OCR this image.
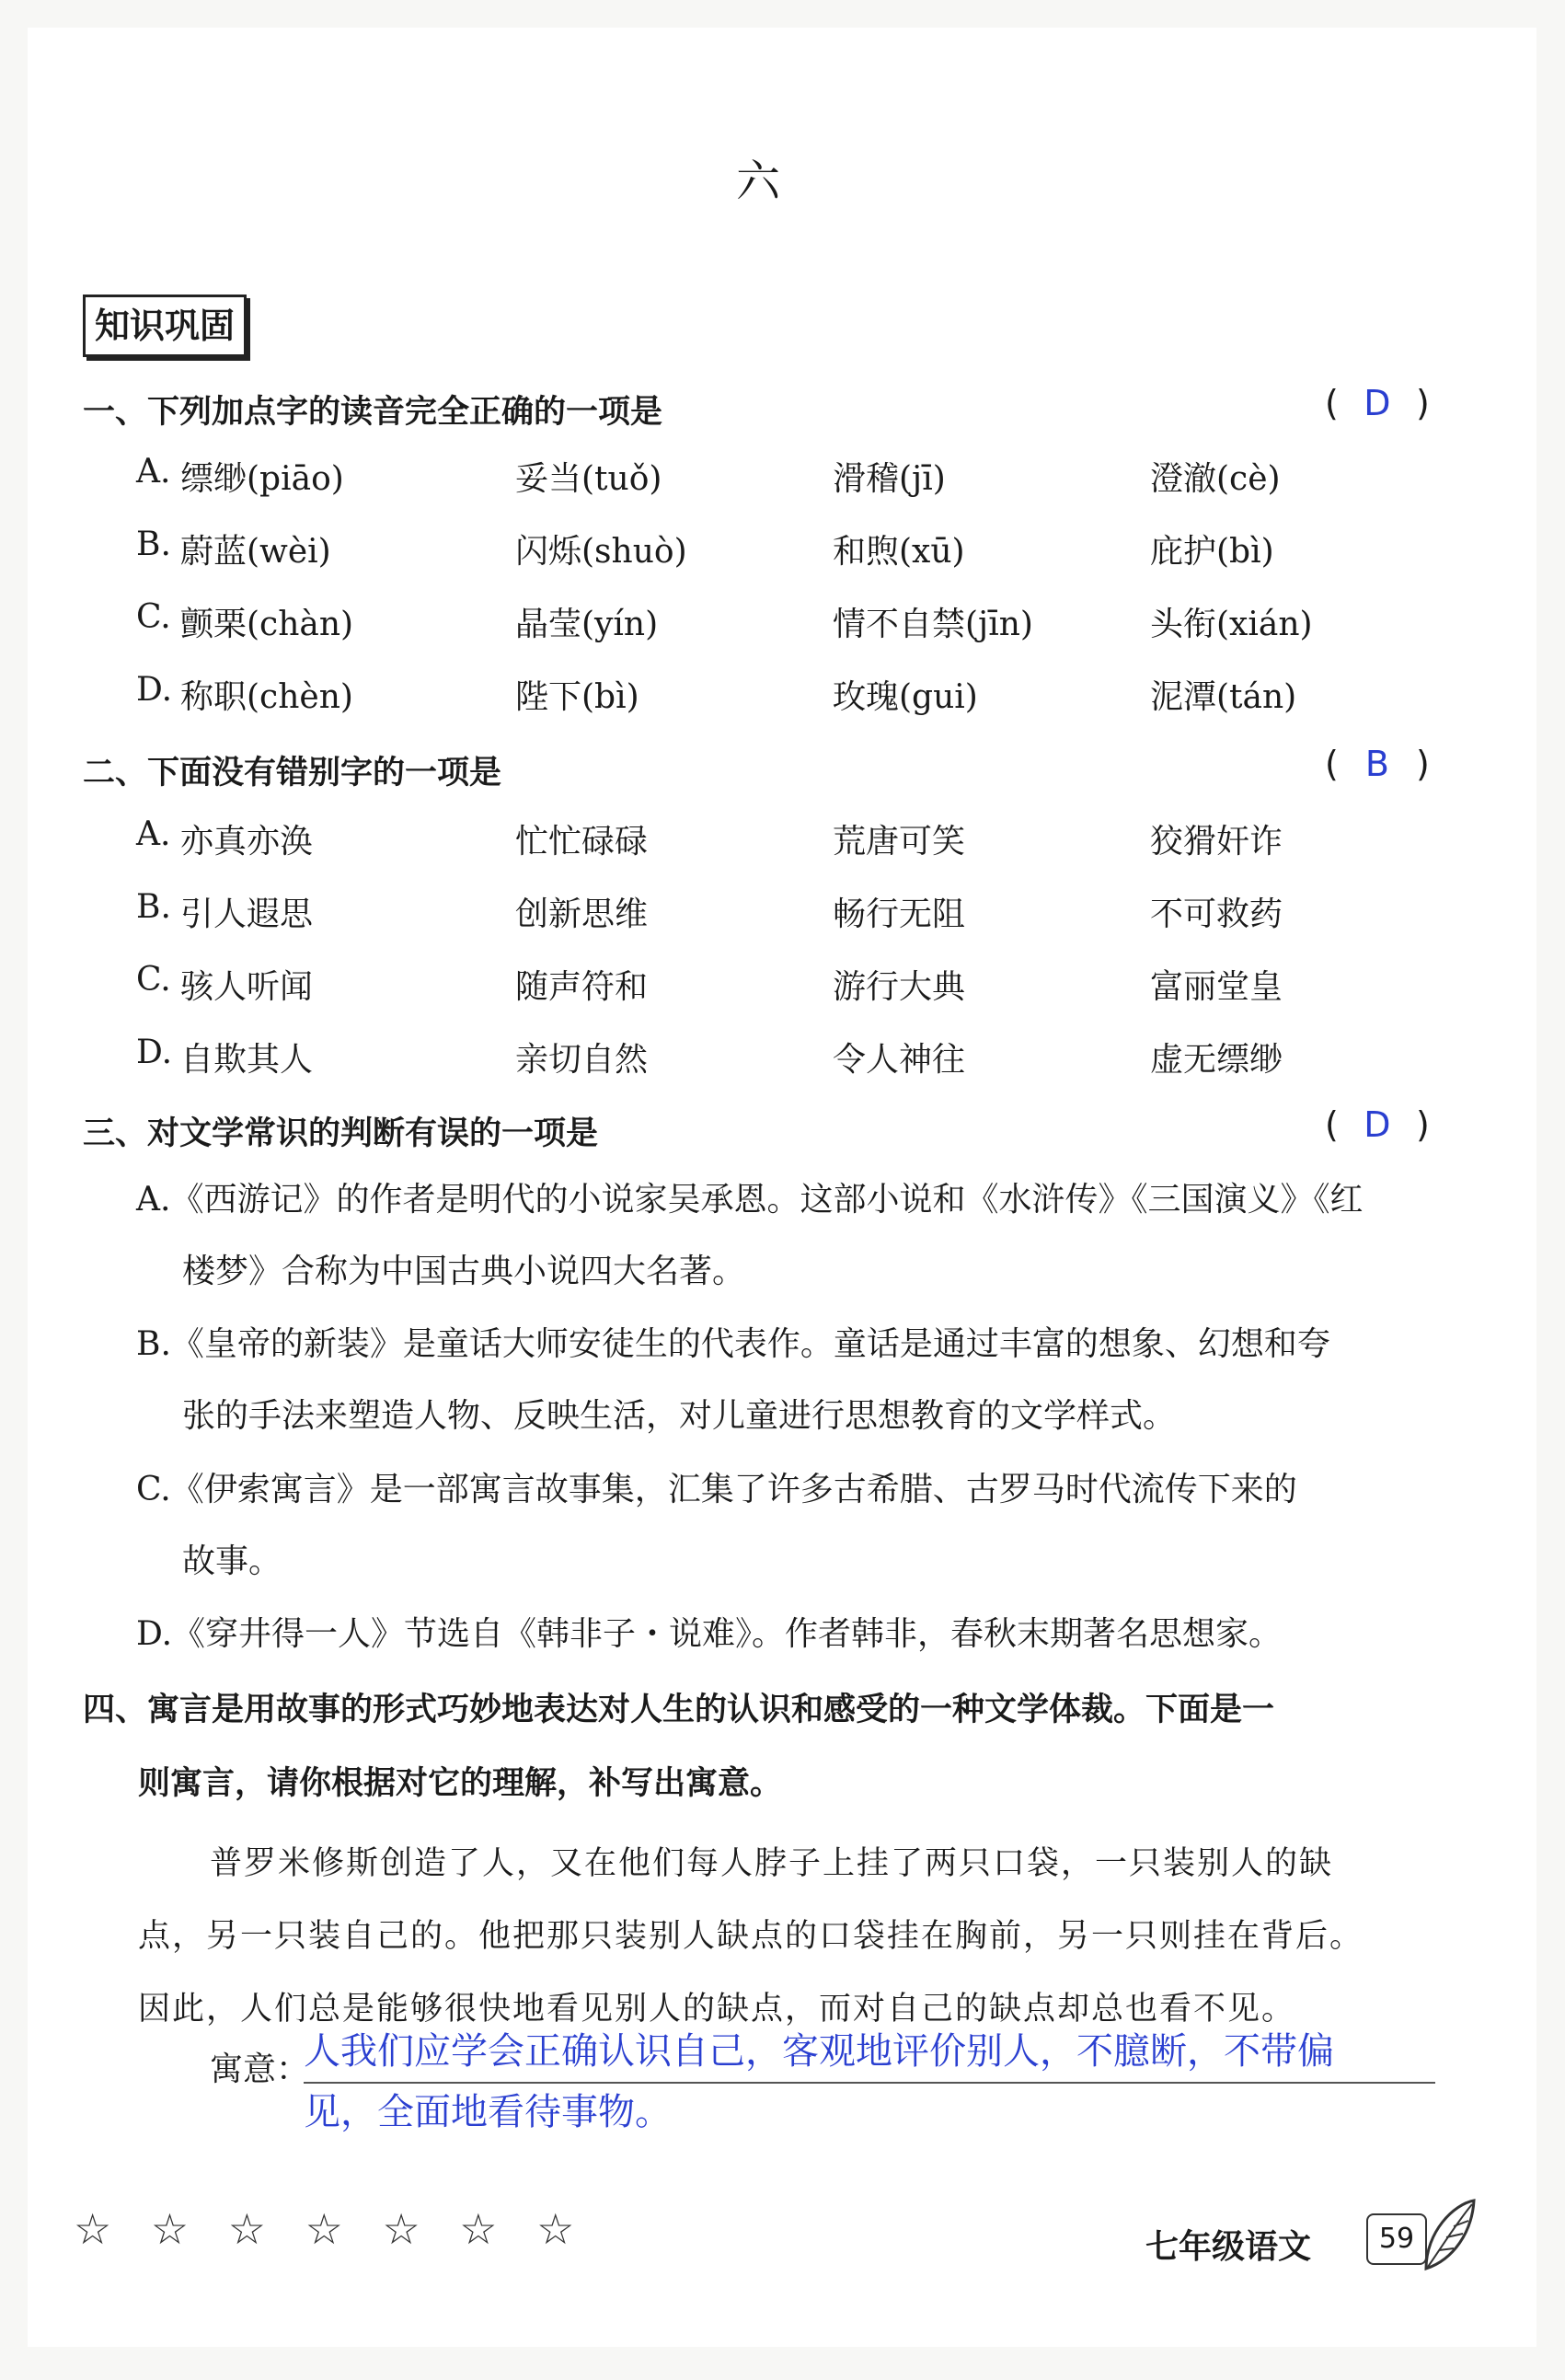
六
知识巩固
一、下列加点字的读音完全正确的一项是	( D )
A. 缥缈(piāo)	妥当(tuǒ)	滑稽(jī)	澄澈(cè)
B. 蔚蓝(wèi)	闪烁(shuò)	和煦(xū)	庇护(bì)
C. 颤栗(chàn)	晶莹(yín)	情不自禁(jīn)	头衔(xián)
D. 称职(chèn)	陛下(bì)	玫瑰(gui)	泥潭(tán)
二、下面没有错别字的一项是	( B )
A. 亦真亦涣	忙忙碌碌	荒唐可笑	狡猾奸诈
B. 引人遐思	创新思维	畅行无阻	不可救药
C. 骇人听闻	随声符和	游行大典	富丽堂皇
D. 自欺其人	亲切自然	令人神往	虚无缥缈
三、对文学常识的判断有误的一项是	( D )
A.《西游记》的作者是明代的小说家吴承恩。这部小说和《水浒传》《三国演义》《红
楼梦》合称为中国古典小说四大名著。
B.《皇帝的新装》是童话大师安徒生的代表作。童话是通过丰富的想象、幻想和夸
张的手法来塑造人物、反映生活，对儿童进行思想教育的文学样式。
C.《伊索寓言》是一部寓言故事集，汇集了许多古希腊、古罗马时代流传下来的
故事。
D.《穿井得一人》节选自《韩非子・说难》。作者韩非，春秋末期著名思想家。
四、寓言是用故事的形式巧妙地表达对人生的认识和感受的一种文学体裁。下面是一
则寓言，请你根据对它的理解，补写出寓意。
普罗米修斯创造了人，又在他们每人脖子上挂了两只口袋，一只装别人的缺
点，另一只装自己的。他把那只装别人缺点的口袋挂在胸前，另一只则挂在背后。
因此，人们总是能够很快地看见别人的缺点，而对自己的缺点却总也看不见。
寓意：
人我们应学会正确认识自己，客观地评价别人，不臆断，不带偏
见，全面地看待事物。
☆ ☆ ☆ ☆ ☆ ☆ ☆	七年级语文	59
